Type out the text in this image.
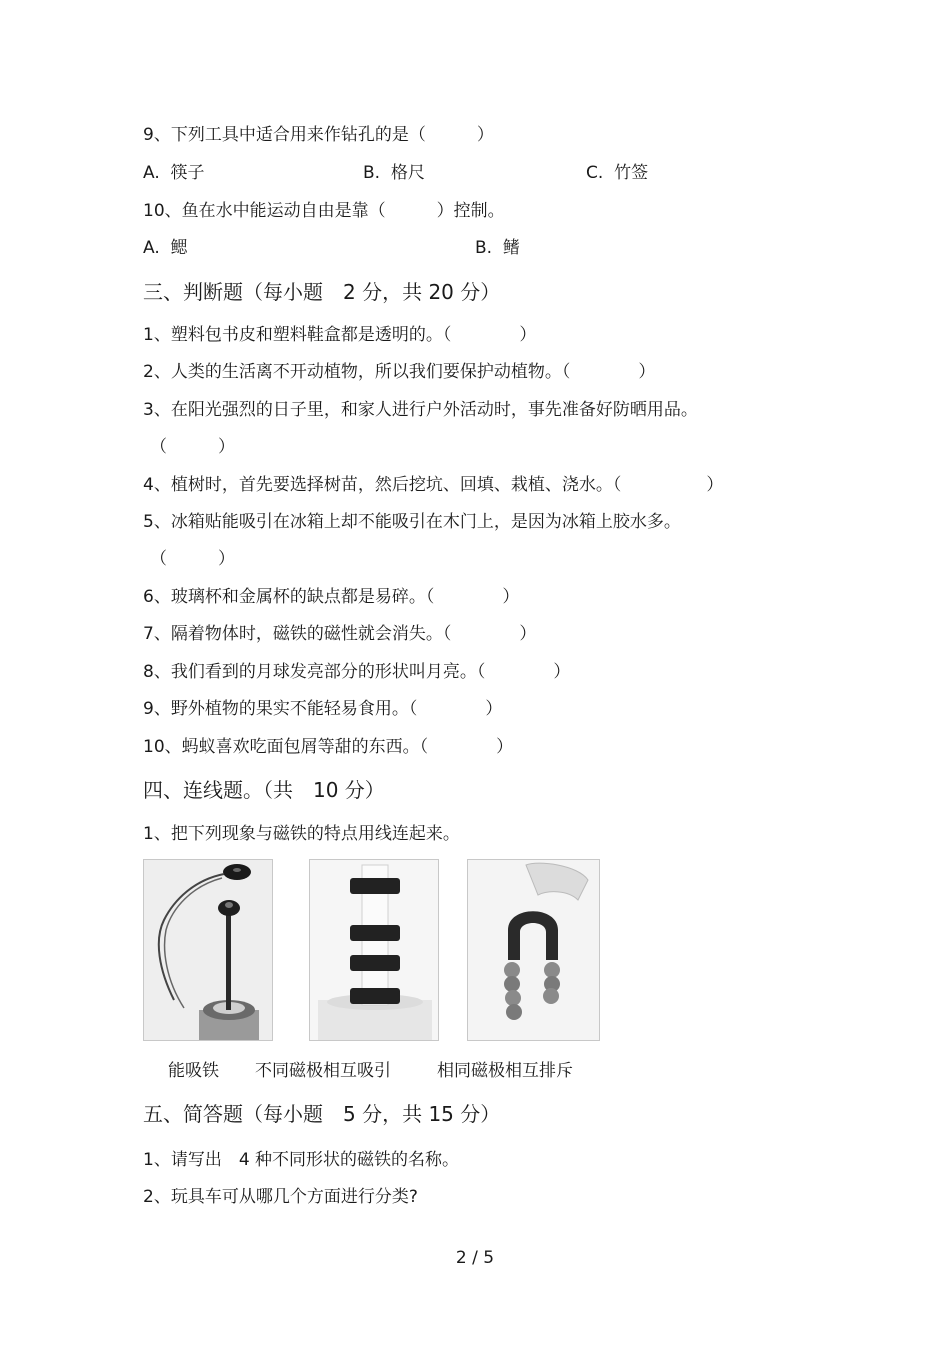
9、下列工具中适合用来作钻孔的是（　　　）
A.  筷子	B.  格尺	C.  竹签
10、鱼在水中能运动自由是靠（　　　）控制。
A.  鳃	B.  鳍
三、判断题（每小题　2 分，共 20 分）
1、塑料包书皮和塑料鞋盒都是透明的。（　　　　）
2、人类的生活离不开动植物，所以我们要保护动植物。（　　　　）
3、在阳光强烈的日子里，和家人进行户外活动时，事先准备好防晒用品。
（　　　）
4、植树时，首先要选择树苗，然后挖坑、回填、栽植、浇水。（　　　　　）
5、冰箱贴能吸引在冰箱上却不能吸引在木门上，是因为冰箱上胶水多。
（　　　）
6、玻璃杯和金属杯的缺点都是易碎。（　　　　）
7、隔着物体时，磁铁的磁性就会消失。（　　　　）
8、我们看到的月球发亮部分的形状叫月亮。（　　　　）
9、野外植物的果实不能轻易食用。（　　　　）
10、蚂蚁喜欢吃面包屑等甜的东西。（　　　　）
四、连线题。（共　10 分）
1、把下列现象与磁铁的特点用线连起来。
能吸铁 不同磁极相互吸引	相同磁极相互排斥
五、简答题（每小题　5 分，共 15 分）
1、请写出　4 种不同形状的磁铁的名称。
2、玩具车可从哪几个方面进行分类?
2 / 5
